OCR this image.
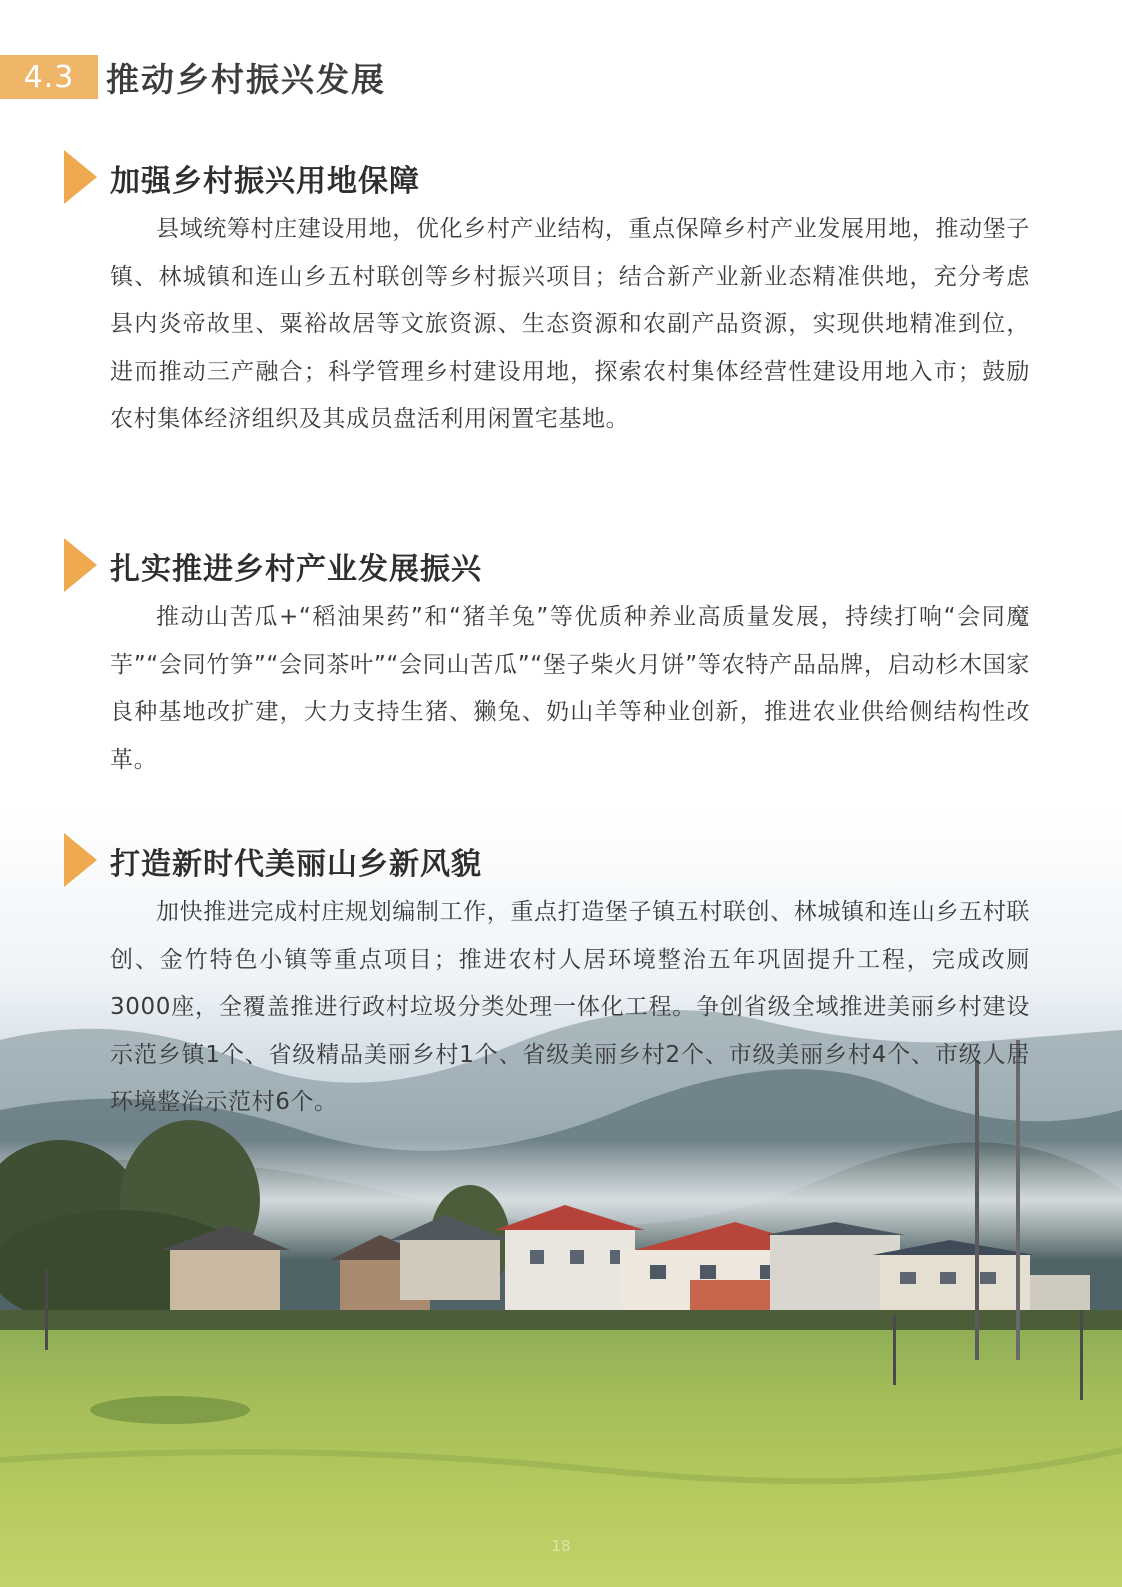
4.3 推动乡村振兴发展
加强乡村振兴用地保障
县域统筹村庄建设用地，优化乡村产业结构，重点保障乡村产业发展用地，推动堡子镇、林城镇和连山乡五村联创等乡村振兴项目；结合新产业新业态精准供地，充分考虑县内炎帝故里、粟裕故居等文旅资源、生态资源和农副产品资源，实现供地精准到位，进而推动三产融合；科学管理乡村建设用地，探索农村集体经营性建设用地入市；鼓励农村集体经济组织及其成员盘活利用闲置宅基地。
扎实推进乡村产业发展振兴
推动山苦瓜+“稻油果药”和“猪羊兔”等优质种养业高质量发展，持续打响“会同魔芋”“会同竹笋”“会同茶叶”“会同山苦瓜”“堡子柴火月饼”等农特产品品牌，启动杉木国家良种基地改扩建，大力支持生猪、獭兔、奶山羊等种业创新，推进农业供给侧结构性改革。
打造新时代美丽山乡新风貌
加快推进完成村庄规划编制工作，重点打造堡子镇五村联创、林城镇和连山乡五村联创、金竹特色小镇等重点项目；推进农村人居环境整治五年巩固提升工程，完成改厕3000座，全覆盖推进行政村垃圾分类处理一体化工程。争创省级全域推进美丽乡村建设示范乡镇1个、省级精品美丽乡村1个、省级美丽乡村2个、市级美丽乡村4个、市级人居环境整治示范村6个。
18
